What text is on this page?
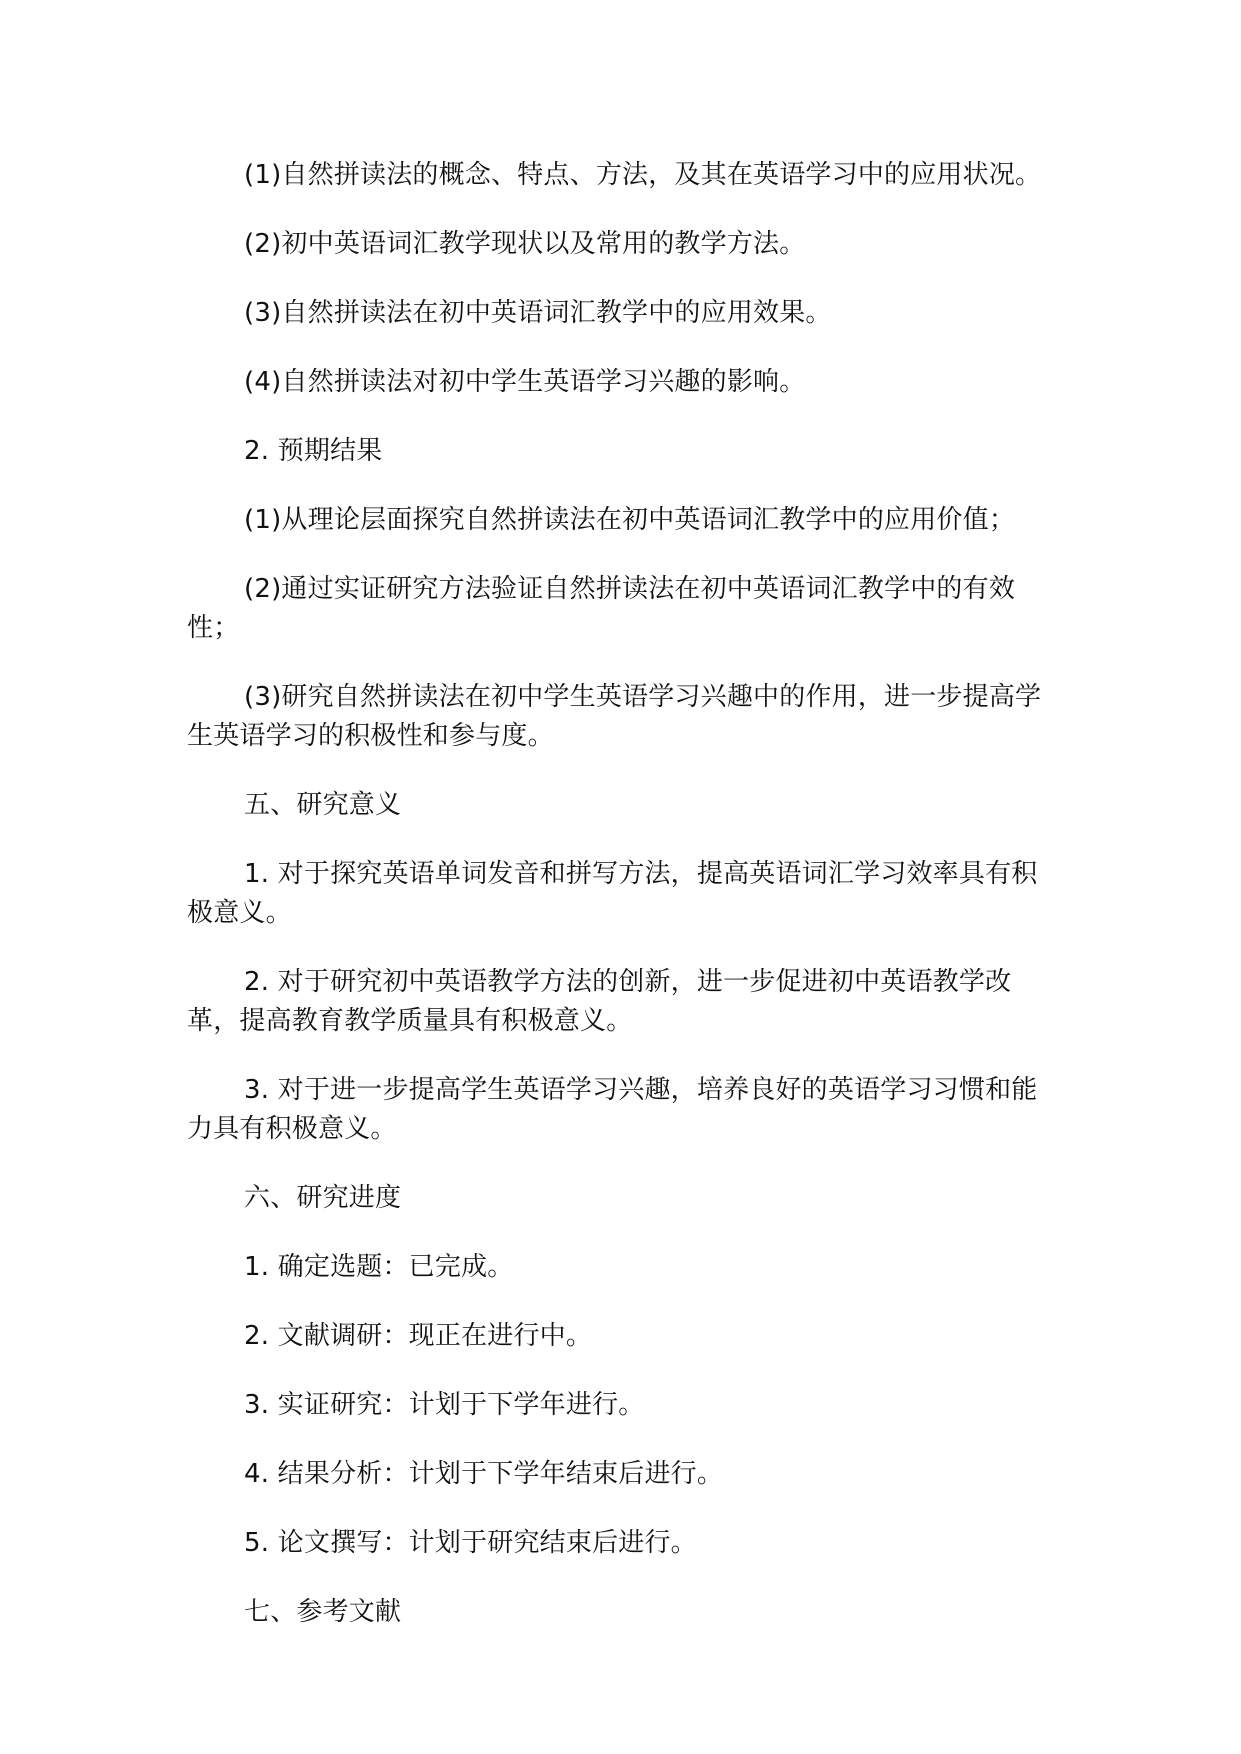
(1)自然拼读法的概念、特点、方法，及其在英语学习中的应用状况。

(2)初中英语词汇教学现状以及常用的教学方法。

(3)自然拼读法在初中英语词汇教学中的应用效果。

(4)自然拼读法对初中学生英语学习兴趣的影响。

2. 预期结果

(1)从理论层面探究自然拼读法在初中英语词汇教学中的应用价值；

(2)通过实证研究方法验证自然拼读法在初中英语词汇教学中的有效性；

(3)研究自然拼读法在初中学生英语学习兴趣中的作用，进一步提高学生英语学习的积极性和参与度。

五、研究意义

1. 对于探究英语单词发音和拼写方法，提高英语词汇学习效率具有积极意义。

2. 对于研究初中英语教学方法的创新，进一步促进初中英语教学改革，提高教育教学质量具有积极意义。

3. 对于进一步提高学生英语学习兴趣，培养良好的英语学习习惯和能力具有积极意义。

六、研究进度

1. 确定选题：已完成。

2. 文献调研：现正在进行中。

3. 实证研究：计划于下学年进行。

4. 结果分析：计划于下学年结束后进行。

5. 论文撰写：计划于研究结束后进行。

七、参考文献
